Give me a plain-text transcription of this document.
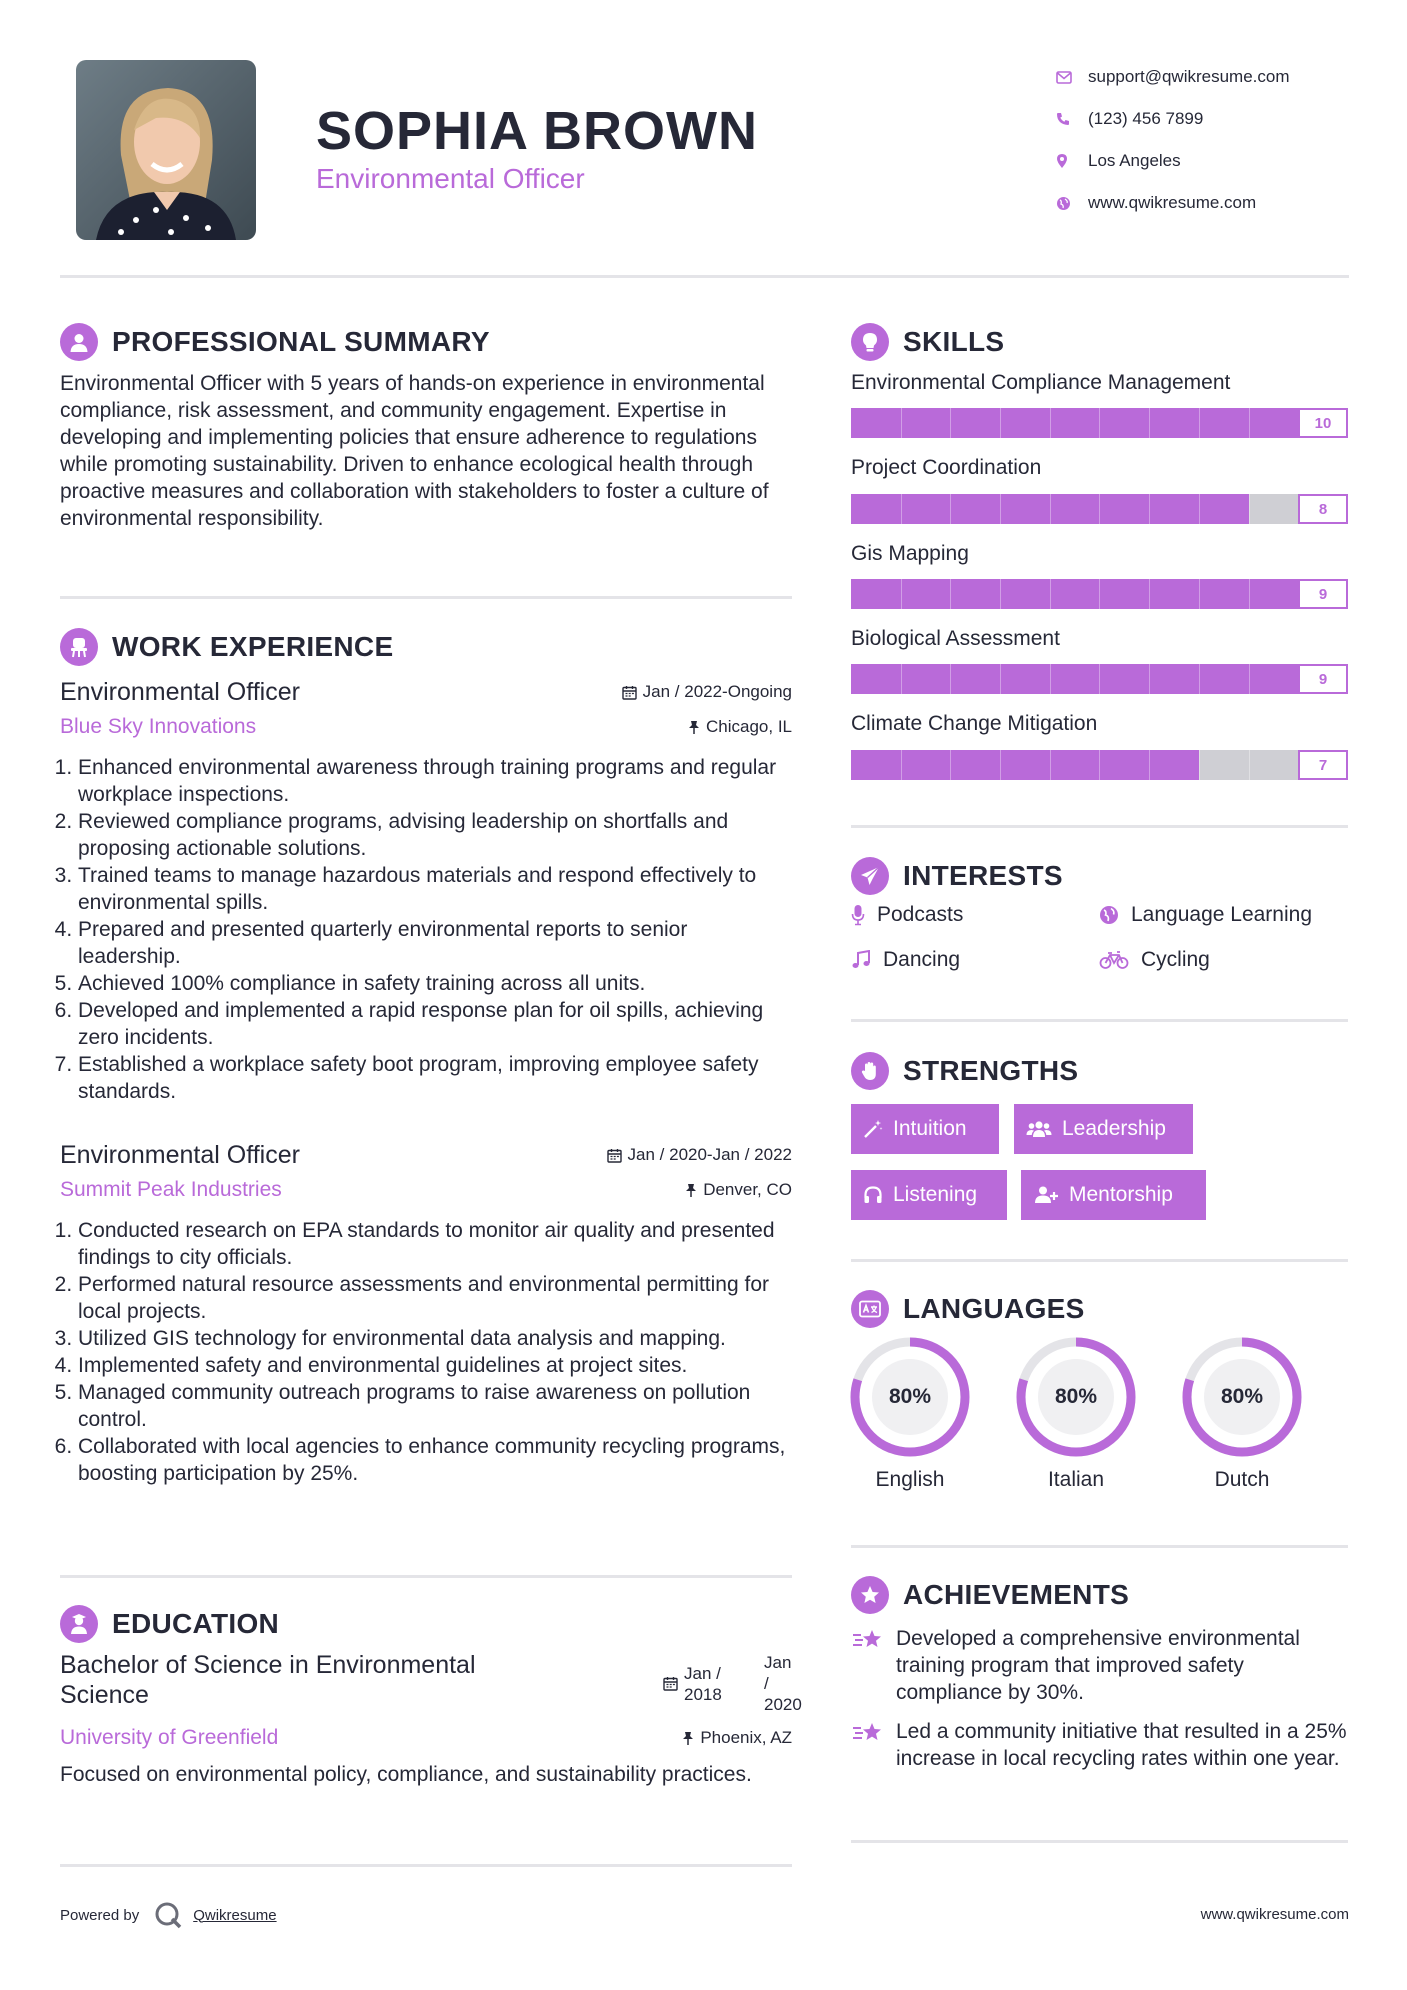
SOPHIA BROWN
Environmental Officer
support@qwikresume.com
(123) 456 7899
Los Angeles
www.qwikresume.com
PROFESSIONAL SUMMARY
Environmental Officer with 5 years of hands-on experience in environmental compliance, risk assessment, and community engagement. Expertise in developing and implementing policies that ensure adherence to regulations while promoting sustainability. Driven to enhance ecological health through proactive measures and collaboration with stakeholders to foster a culture of environmental responsibility.
WORK EXPERIENCE
Environmental Officer	Jan / 2022-Ongoing
Blue Sky Innovations	Chicago, IL
1. Enhanced environmental awareness through training programs and regular workplace inspections.
2. Reviewed compliance programs, advising leadership on shortfalls and proposing actionable solutions.
3. Trained teams to manage hazardous materials and respond effectively to environmental spills.
4. Prepared and presented quarterly environmental reports to senior leadership.
5. Achieved 100% compliance in safety training across all units.
6. Developed and implemented a rapid response plan for oil spills, achieving zero incidents.
7. Established a workplace safety boot program, improving employee safety standards.
Environmental Officer	Jan / 2020-Jan / 2022
Summit Peak Industries	Denver, CO
1. Conducted research on EPA standards to monitor air quality and presented findings to city officials.
2. Performed natural resource assessments and environmental permitting for local projects.
3. Utilized GIS technology for environmental data analysis and mapping.
4. Implemented safety and environmental guidelines at project sites.
5. Managed community outreach programs to raise awareness on pollution control.
6. Collaborated with local agencies to enhance community recycling programs, boosting participation by 25%.
EDUCATION
Bachelor of Science in Environmental Science
Jan / 2018
Jan / 2020
University of Greenfield	Phoenix, AZ
Focused on environmental policy, compliance, and sustainability practices.
SKILLS
Environmental Compliance Management
10
Project Coordination
8
Gis Mapping
9
Biological Assessment
9
Climate Change Mitigation
7
INTERESTS
Podcasts	Language Learning
Dancing	Cycling
STRENGTHS
Intuition	Leadership
Listening	Mentorship
LANGUAGES
80%
English
80%
Italian
80%
Dutch
ACHIEVEMENTS
Developed a comprehensive environmental training program that improved safety compliance by 30%.
Led a community initiative that resulted in a 25% increase in local recycling rates within one year.
Powered by	Qwikresume	www.qwikresume.com
